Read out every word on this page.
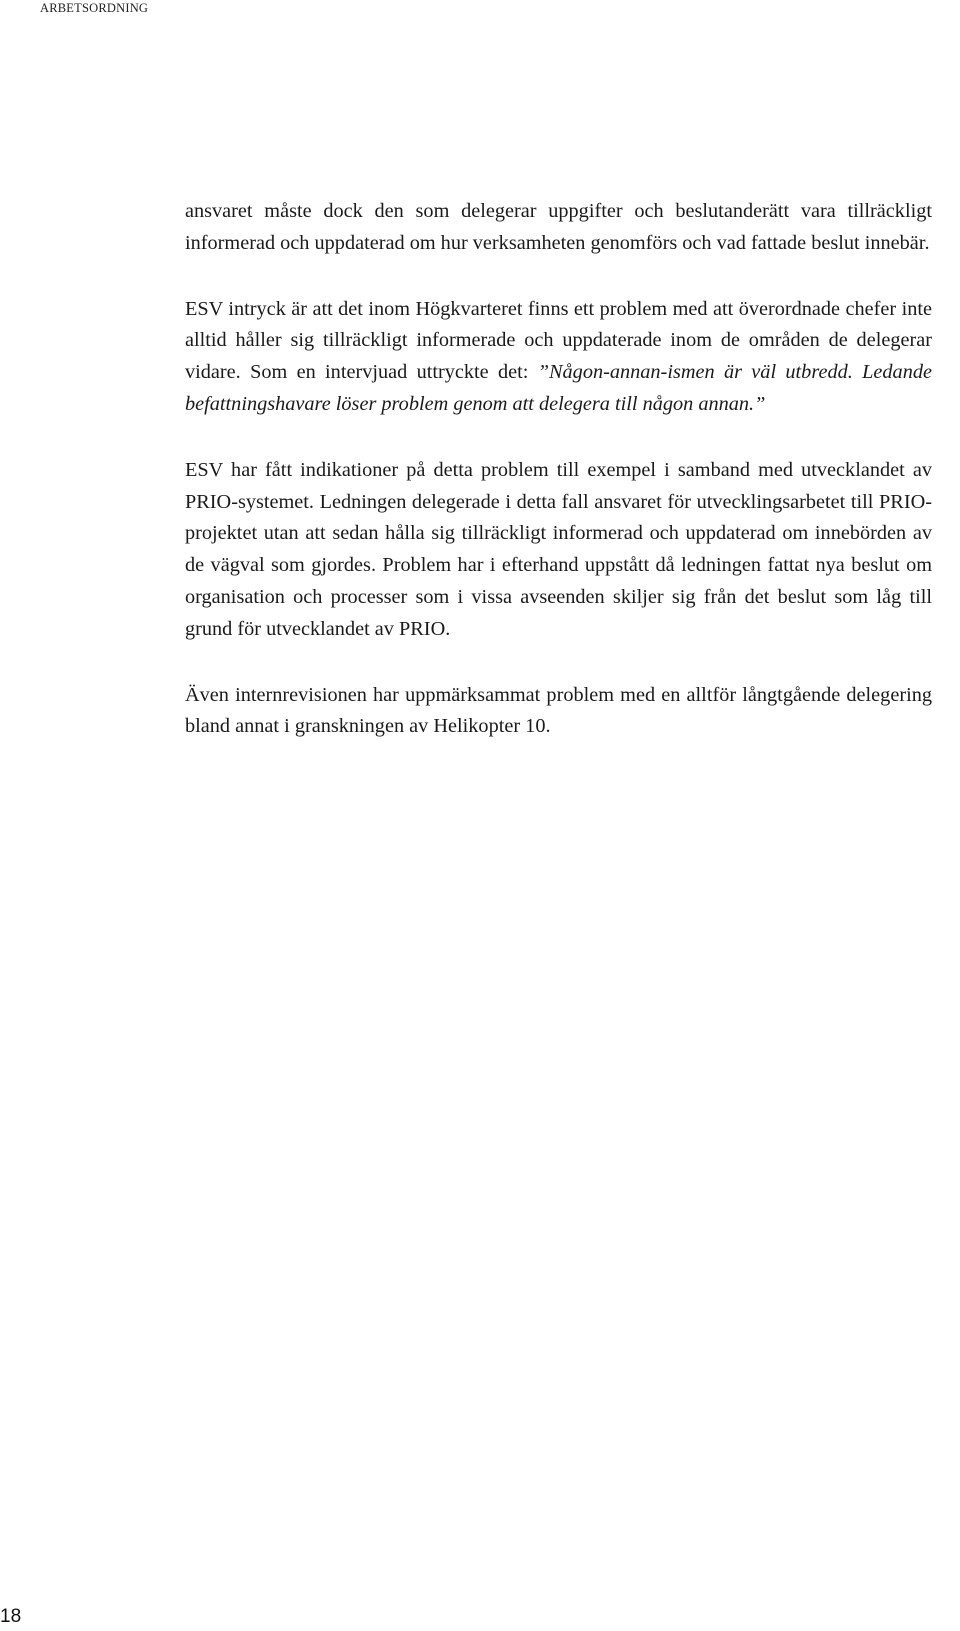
ARBETSORDNING

ansvaret måste dock den som delegerar uppgifter och beslutanderätt vara tillräckligt informerad och uppdaterad om hur verksamheten genomförs och vad fattade beslut innebär.

ESV intryck är att det inom Högkvarteret finns ett problem med att överordnade chefer inte alltid håller sig tillräckligt informerade och uppdaterade inom de områden de delegerar vidare. Som en intervjuad uttryckte det: ”Någon-annan-ismen är väl utbredd. Ledande befattningshavare löser problem genom att delegera till någon annan.”

ESV har fått indikationer på detta problem till exempel i samband med utvecklandet av PRIO-systemet. Ledningen delegerade i detta fall ansvaret för utvecklingsarbetet till PRIO-projektet utan att sedan hålla sig tillräckligt informerad och uppdaterad om innebörden av de vägval som gjordes. Problem har i efterhand uppstått då ledningen fattat nya beslut om organisation och processer som i vissa avseenden skiljer sig från det beslut som låg till grund för utvecklandet av PRIO.

Även internrevisionen har uppmärksammat problem med en alltför långtgående delegering bland annat i granskningen av Helikopter 10.

18
